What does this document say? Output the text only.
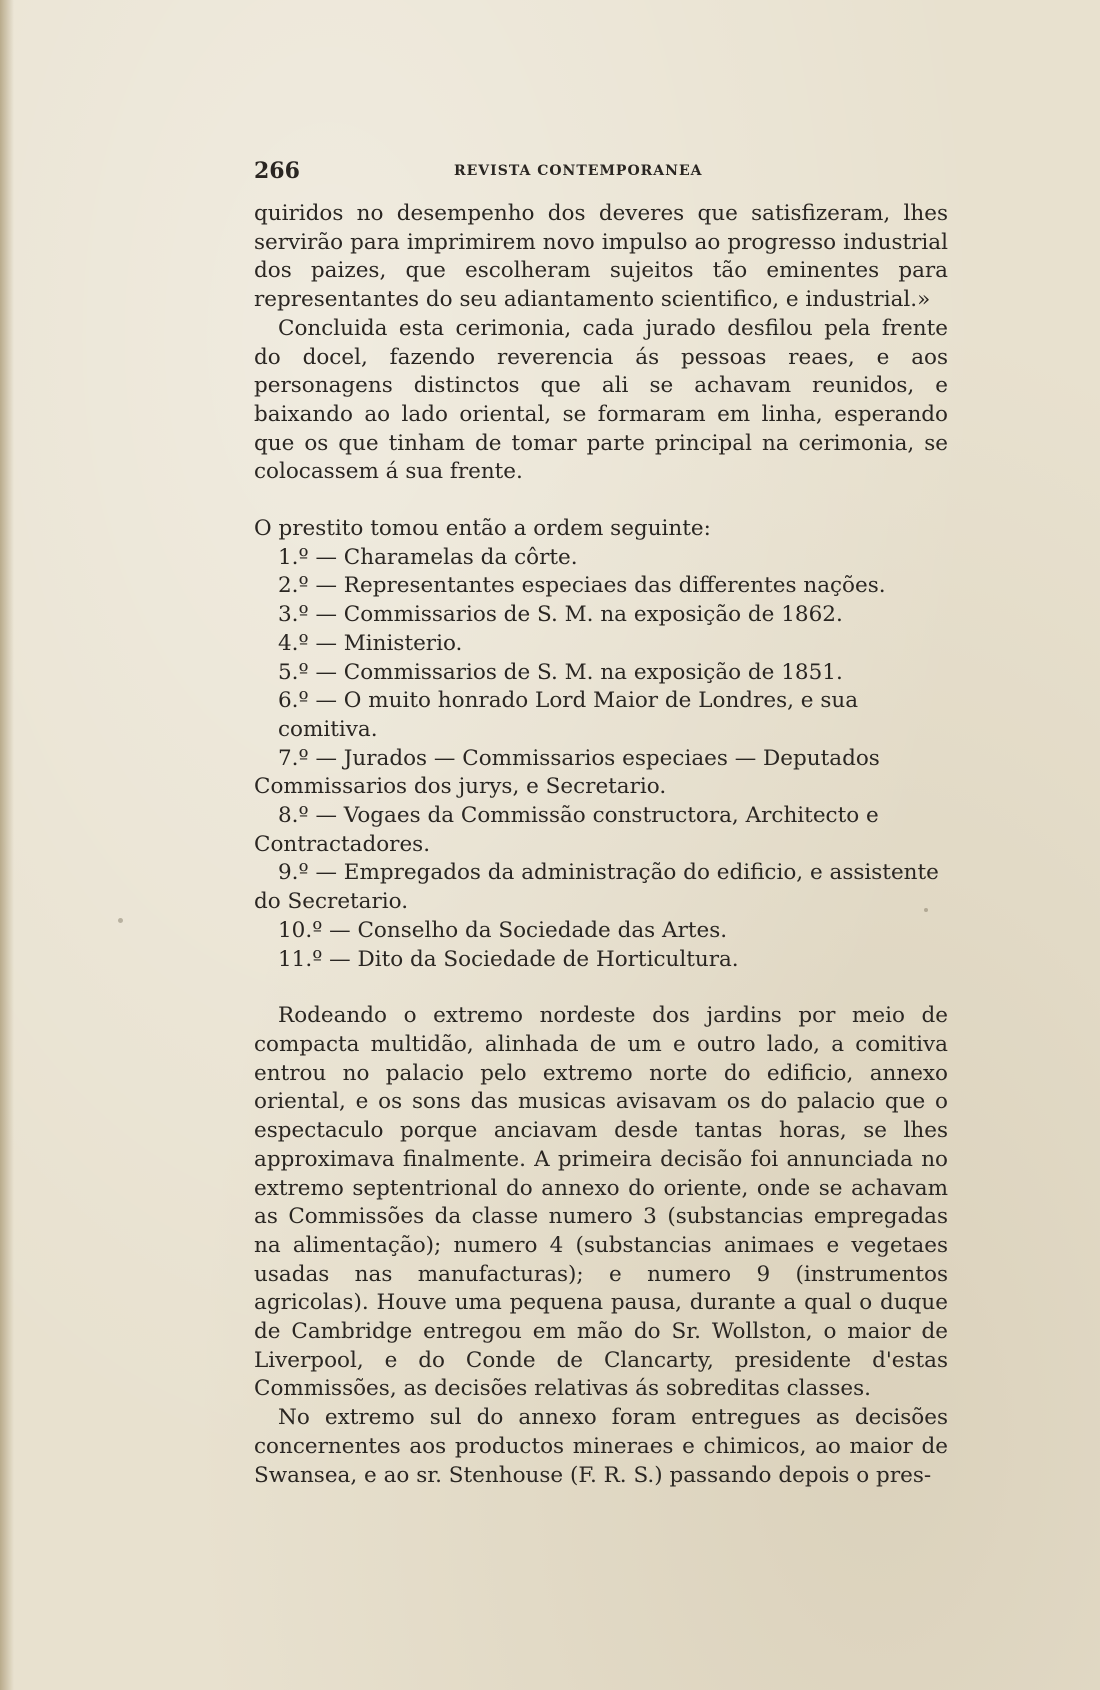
266	REVISTA CONTEMPORANEA

quiridos no desempenho dos deveres que satisfizeram, lhes servirão para imprimirem novo impulso ao progresso industrial dos paizes, que escolheram sujeitos tão eminentes para representantes do seu adiantamento scientifico, e industrial.»

Concluida esta cerimonia, cada jurado desfilou pela frente do docel, fazendo reverencia ás pessoas reaes, e aos personagens distinctos que ali se achavam reunidos, e baixando ao lado oriental, se formaram em linha, esperando que os que tinham de tomar parte principal na cerimonia, se colocassem á sua frente.

O prestito tomou então a ordem seguinte:

1.º — Charamelas da côrte.
2.º — Representantes especiaes das differentes nações.
3.º — Commissarios de S. M. na exposição de 1862.
4.º — Ministerio.
5.º — Commissarios de S. M. na exposição de 1851.
6.º — O muito honrado Lord Maior de Londres, e sua comitiva.
7.º — Jurados — Commissarios especiaes — Deputados Commissarios dos jurys, e Secretario.
8.º — Vogaes da Commissão constructora, Architecto e Contractadores.
9.º — Empregados da administração do edificio, e assistente do Secretario.
10.º — Conselho da Sociedade das Artes.
11.º — Dito da Sociedade de Horticultura.

Rodeando o extremo nordeste dos jardins por meio de compacta multidão, alinhada de um e outro lado, a comitiva entrou no palacio pelo extremo norte do edificio, annexo oriental, e os sons das musicas avisavam os do palacio que o espectaculo porque anciavam desde tantas horas, se lhes approximava finalmente. A primeira decisão foi annunciada no extremo septentrional do annexo do oriente, onde se achavam as Commissões da classe numero 3 (substancias empregadas na alimentação); numero 4 (substancias animaes e vegetaes usadas nas manufacturas); e numero 9 (instrumentos agricolas). Houve uma pequena pausa, durante a qual o duque de Cambridge entregou em mão do Sr. Wollston, o maior de Liverpool, e do Conde de Clancarty, presidente d'estas Commissões, as decisões relativas ás sobreditas classes.

No extremo sul do annexo foram entregues as decisões concernentes aos productos mineraes e chimicos, ao maior de Swansea, e ao sr. Stenhouse (F. R. S.) passando depois o pres-
